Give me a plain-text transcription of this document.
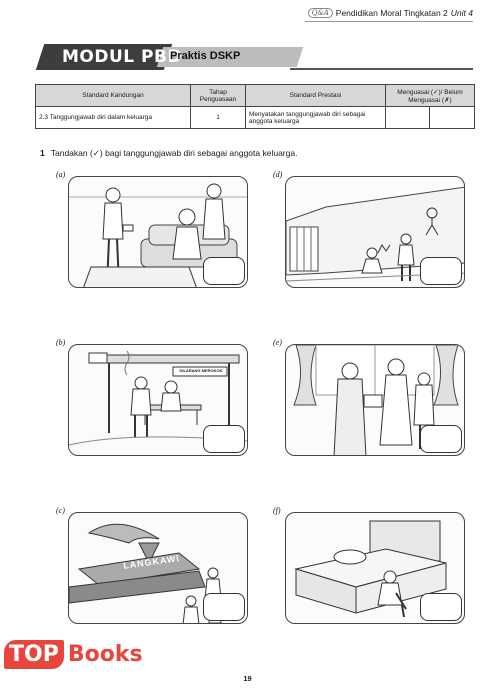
Q&A Pendidikan Moral Tingkatan 2 Unit 4
MODUL PBD
Praktis DSKP
Standard Kandungan	Tahap Penguasaan	Standard Prestasi	Menguasai (✓)/ Belum Menguasai (✗)	
2.3 Tanggungjawab diri dalam keluarga	1	Menyatakan tanggungjawab diri sebagai anggota keluarga		
1 Tandakan (✓) bagi tanggungjawab diri sebagai anggota keluarga.
(a)	(d)
(b)
DILARANG MEROKOK
(e)
(c)
LANGKAWI
(f)
19
TOP Books
